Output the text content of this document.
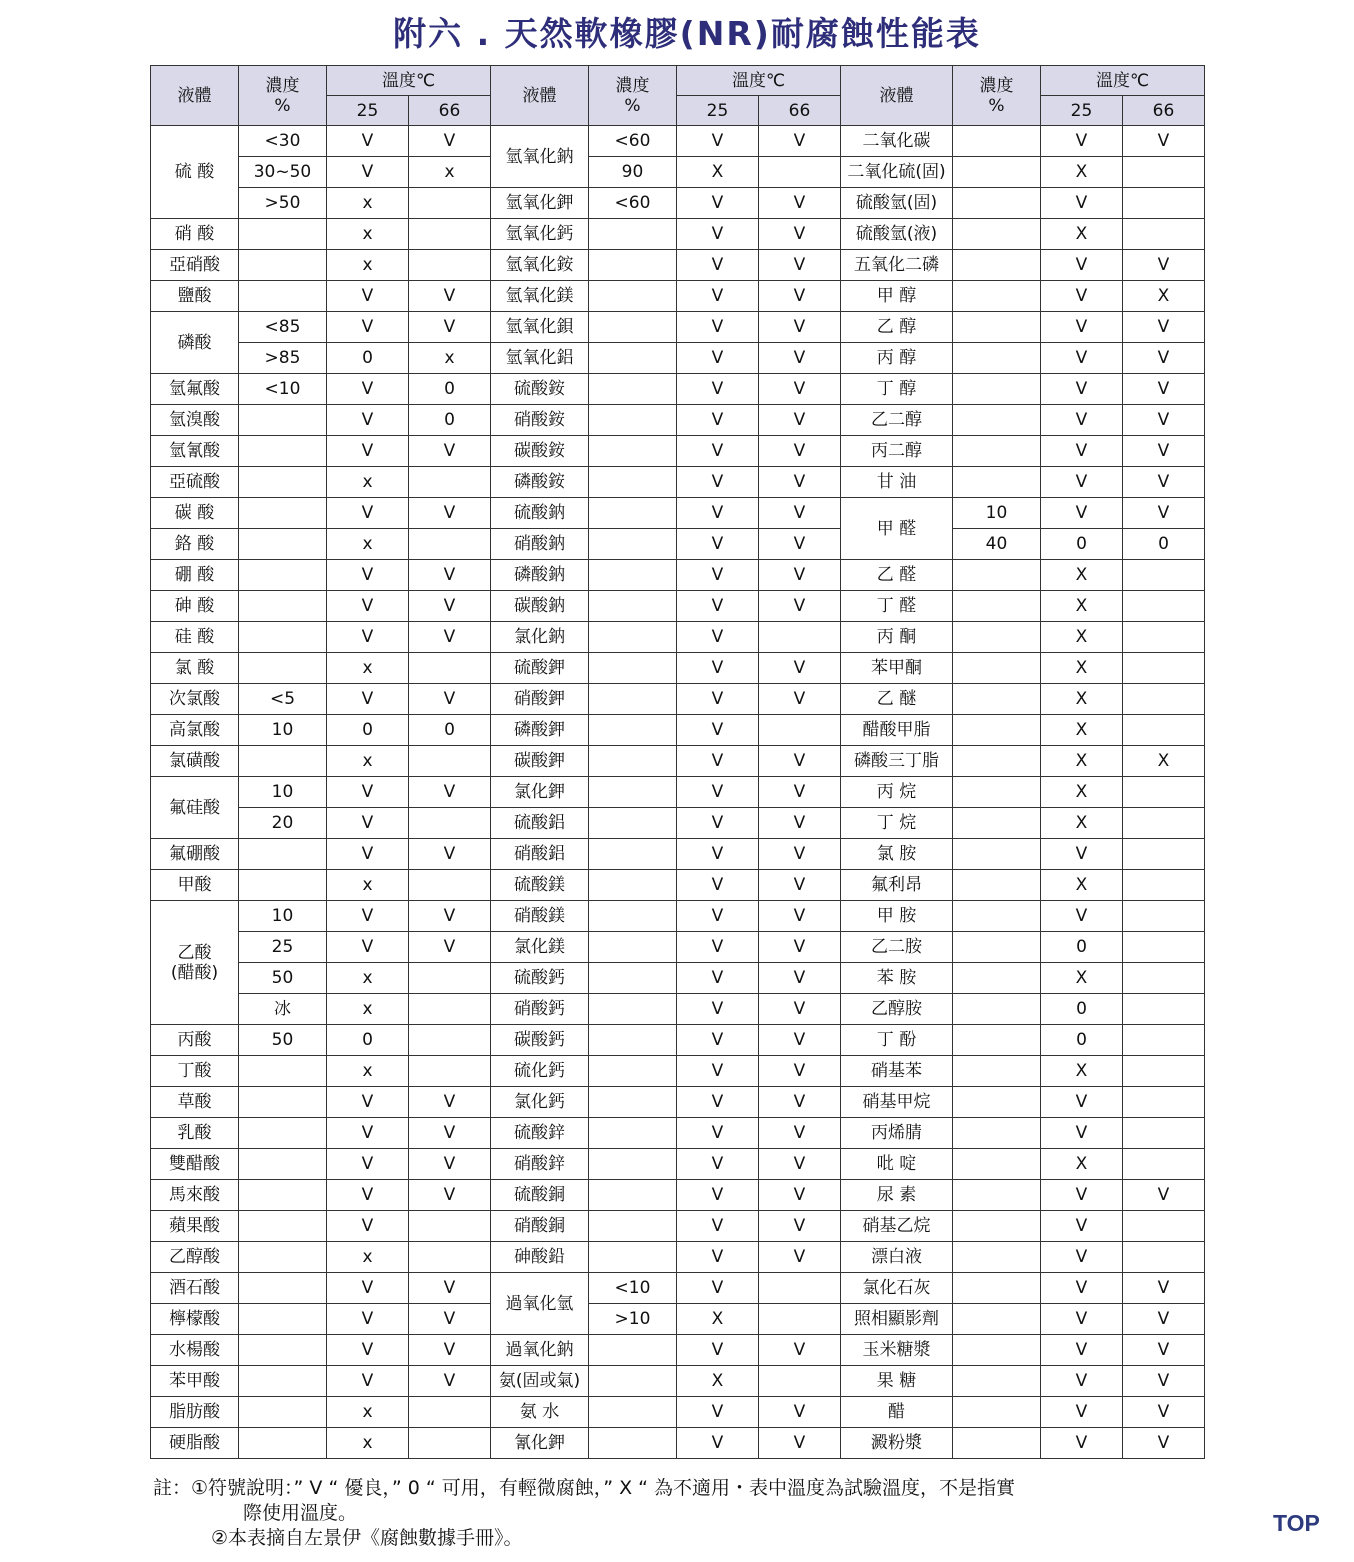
附六 . 天然軟橡膠(NR)耐腐蝕性能表
液體	濃度
%	溫度℃		液體	濃度
%	溫度℃		液體	濃度
%	溫度℃	
		25	66			25	66			25	66
硫 酸	<30	V	V	氫氧化鈉	<60	V	V	二氧化碳		V	V
	30~50	V	x		90	X		二氧化硫(固)		X	
	>50	x		氫氧化鉀	<60	V	V	硫酸氫(固)		V	
硝 酸		x		氫氧化鈣		V	V	硫酸氫(液)		X	
亞硝酸		x		氫氧化銨		V	V	五氧化二磷		V	V
鹽酸		V	V	氫氧化鎂		V	V	甲 醇		V	X
磷酸	<85	V	V	氫氧化鋇		V	V	乙 醇		V	V
	>85	0	x	氫氧化鋁		V	V	丙 醇		V	V
氫氟酸	<10	V	0	硫酸銨		V	V	丁 醇		V	V
氫溴酸		V	0	硝酸銨		V	V	乙二醇		V	V
氫氰酸		V	V	碳酸銨		V	V	丙二醇		V	V
亞硫酸		x		磷酸銨		V	V	甘 油		V	V
碳 酸		V	V	硫酸鈉		V	V	甲 醛	10	V	V
鉻 酸		x		硝酸鈉		V	V		40	0	0
硼 酸		V	V	磷酸鈉		V	V	乙 醛		X	
砷 酸		V	V	碳酸鈉		V	V	丁 醛		X	
硅 酸		V	V	氯化鈉		V		丙 酮		X	
氯 酸		x		硫酸鉀		V	V	苯甲酮		X	
次氯酸	<5	V	V	硝酸鉀		V	V	乙 醚		X	
高氯酸	10	0	0	磷酸鉀		V		醋酸甲脂		X	
氯磺酸		x		碳酸鉀		V	V	磷酸三丁脂		X	X
氟硅酸	10	V	V	氯化鉀		V	V	丙 烷		X	
	20	V		硫酸鋁		V	V	丁 烷		X	
氟硼酸		V	V	硝酸鋁		V	V	氯 胺		V	
甲酸		x		硫酸鎂		V	V	氟利昂		X	
乙酸
(醋酸)	10	V	V	硝酸鎂		V	V	甲 胺		V	
	25	V	V	氯化鎂		V	V	乙二胺		0	
	50	x		硫酸鈣		V	V	苯 胺		X	
	冰	x		硝酸鈣		V	V	乙醇胺		0	
丙酸	50	0		碳酸鈣		V	V	丁 酚		0	
丁酸		x		硫化鈣		V	V	硝基苯		X	
草酸		V	V	氯化鈣		V	V	硝基甲烷		V	
乳酸		V	V	硫酸鋅		V	V	丙烯腈		V	
雙醋酸		V	V	硝酸鋅		V	V	吡 啶		X	
馬來酸		V	V	硫酸銅		V	V	尿 素		V	V
蘋果酸		V		硝酸銅		V	V	硝基乙烷		V	
乙醇酸		x		砷酸鉛		V	V	漂白液		V	
酒石酸		V	V	過氧化氫	<10	V		氯化石灰		V	V
檸檬酸		V	V		>10	X		照相顯影劑		V	V
水楊酸		V	V	過氧化鈉		V	V	玉米糖漿		V	V
苯甲酸		V	V	氨(固或氣)		X		果 糖		V	V
脂肪酸		x		氨 水		V	V	醋		V	V
硬脂酸		x		氰化鉀		V	V	澱粉漿		V	V
註：①符號說明：” V “ 優良，” 0 “ 可用，有輕微腐蝕，” X “ 為不適用・表中溫度為試驗溫度，不是指實
際使用溫度。
②本表摘自左景伊《腐蝕數據手冊》。
TOP
